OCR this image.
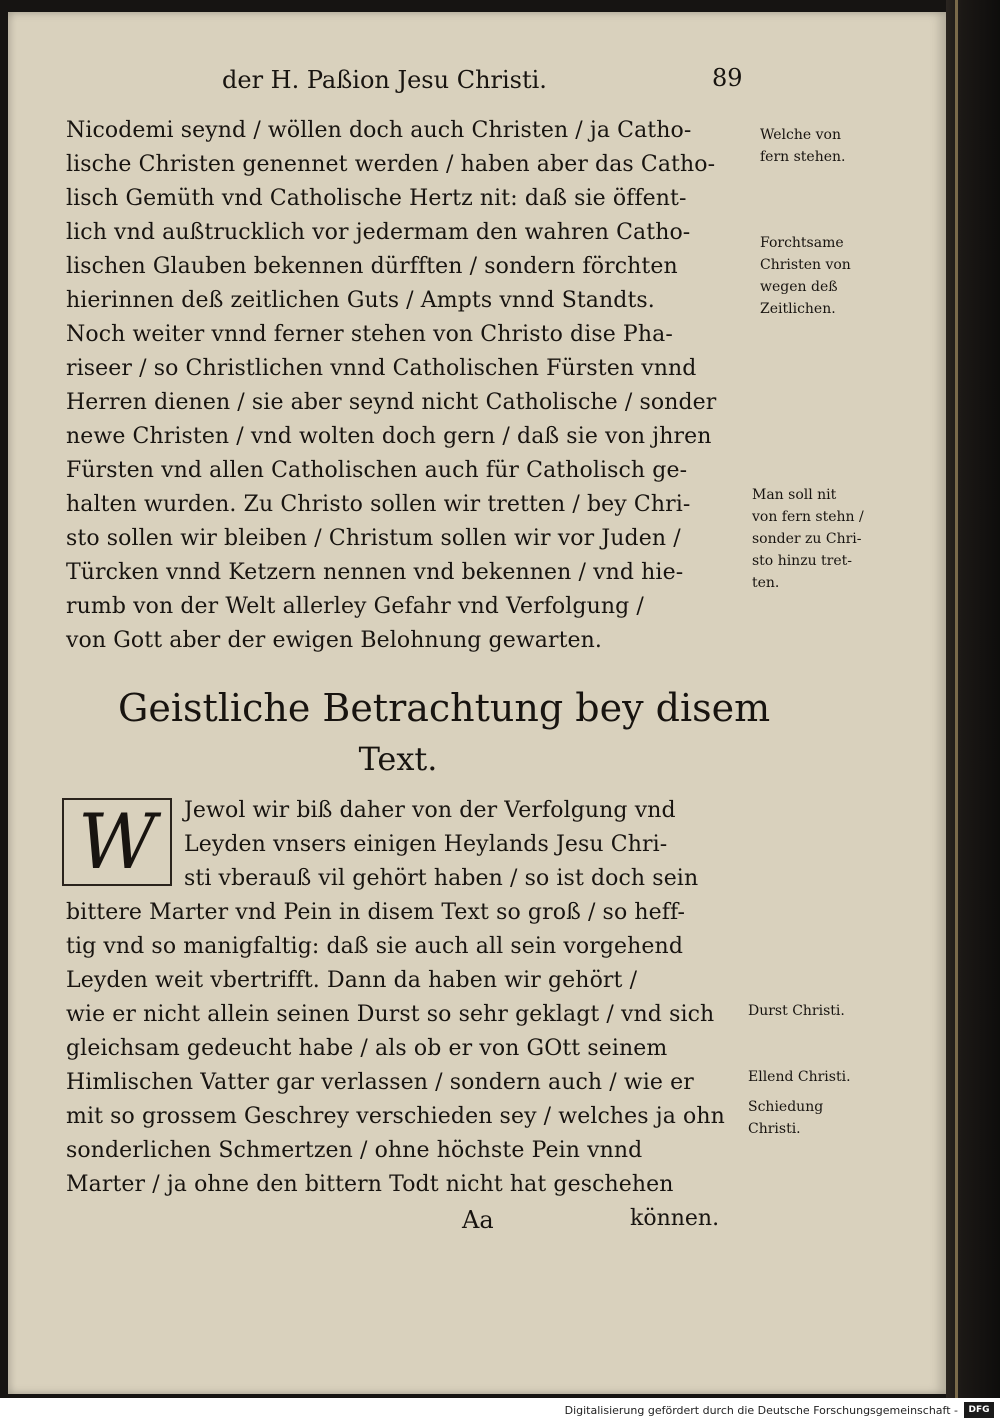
der H. Paßion Jesu Christi.	89

Nicodemi seynd / wöllen doch auch Christen / ja Catho-
lische Christen genennet werden / haben aber das Catho-
lisch Gemüth vnd Catholische Hertz nit: daß sie öffent-
lich vnd außtrucklich vor jedermam den wahren Catho-
lischen Glauben bekennen dürfften / sondern förchten
hierinnen deß zeitlichen Guts / Ampts vnnd Standts.
Noch weiter vnnd ferner stehen von Christo dise Pha-
riseer / so Christlichen vnnd Catholischen Fürsten vnnd
Herren dienen / sie aber seynd nicht Catholische / sonder
newe Christen / vnd wolten doch gern / daß sie von jhren
Fürsten vnd allen Catholischen auch für Catholisch ge-
halten wurden. Zu Christo sollen wir tretten / bey Chri-
sto sollen wir bleiben / Christum sollen wir vor Juden /
Türcken vnnd Ketzern nennen vnd bekennen / vnd hie-
rumb von der Welt allerley Gefahr vnd Verfolgung /
von Gott aber der ewigen Belohnung gewarten.
Geistliche Betrachtung bey disem
Text.
W	Jewol wir biß daher von der Verfolgung vnd
Leyden vnsers einigen Heylands Jesu Chri-
sti vberauß vil gehört haben / so ist doch sein
bittere Marter vnd Pein in disem Text so groß / so heff-
tig vnd so manigfaltig: daß sie auch all sein vorgehend
Leyden weit vbertrifft. Dann da haben wir gehört /
wie er nicht allein seinen Durst so sehr geklagt / vnd sich
gleichsam gedeucht habe / als ob er von GOtt seinem
Himlischen Vatter gar verlassen / sondern auch / wie er
mit so grossem Geschrey verschieden sey / welches ja ohn
sonderlichen Schmertzen / ohne höchste Pein vnnd
Marter / ja ohne den bittern Todt nicht hat geschehen
Welche von
fern stehen.
Forchtsame
Christen von
wegen deß
Zeitlichen.
Man soll nit
von fern stehn /
sonder zu Chri-
sto hinzu tret-
ten.
Durst Christi.
Ellend Christi.
Schiedung
Christi.

Aa	können.

Digitalisierung gefördert durch die Deutsche Forschungsgemeinschaft -	DFG
